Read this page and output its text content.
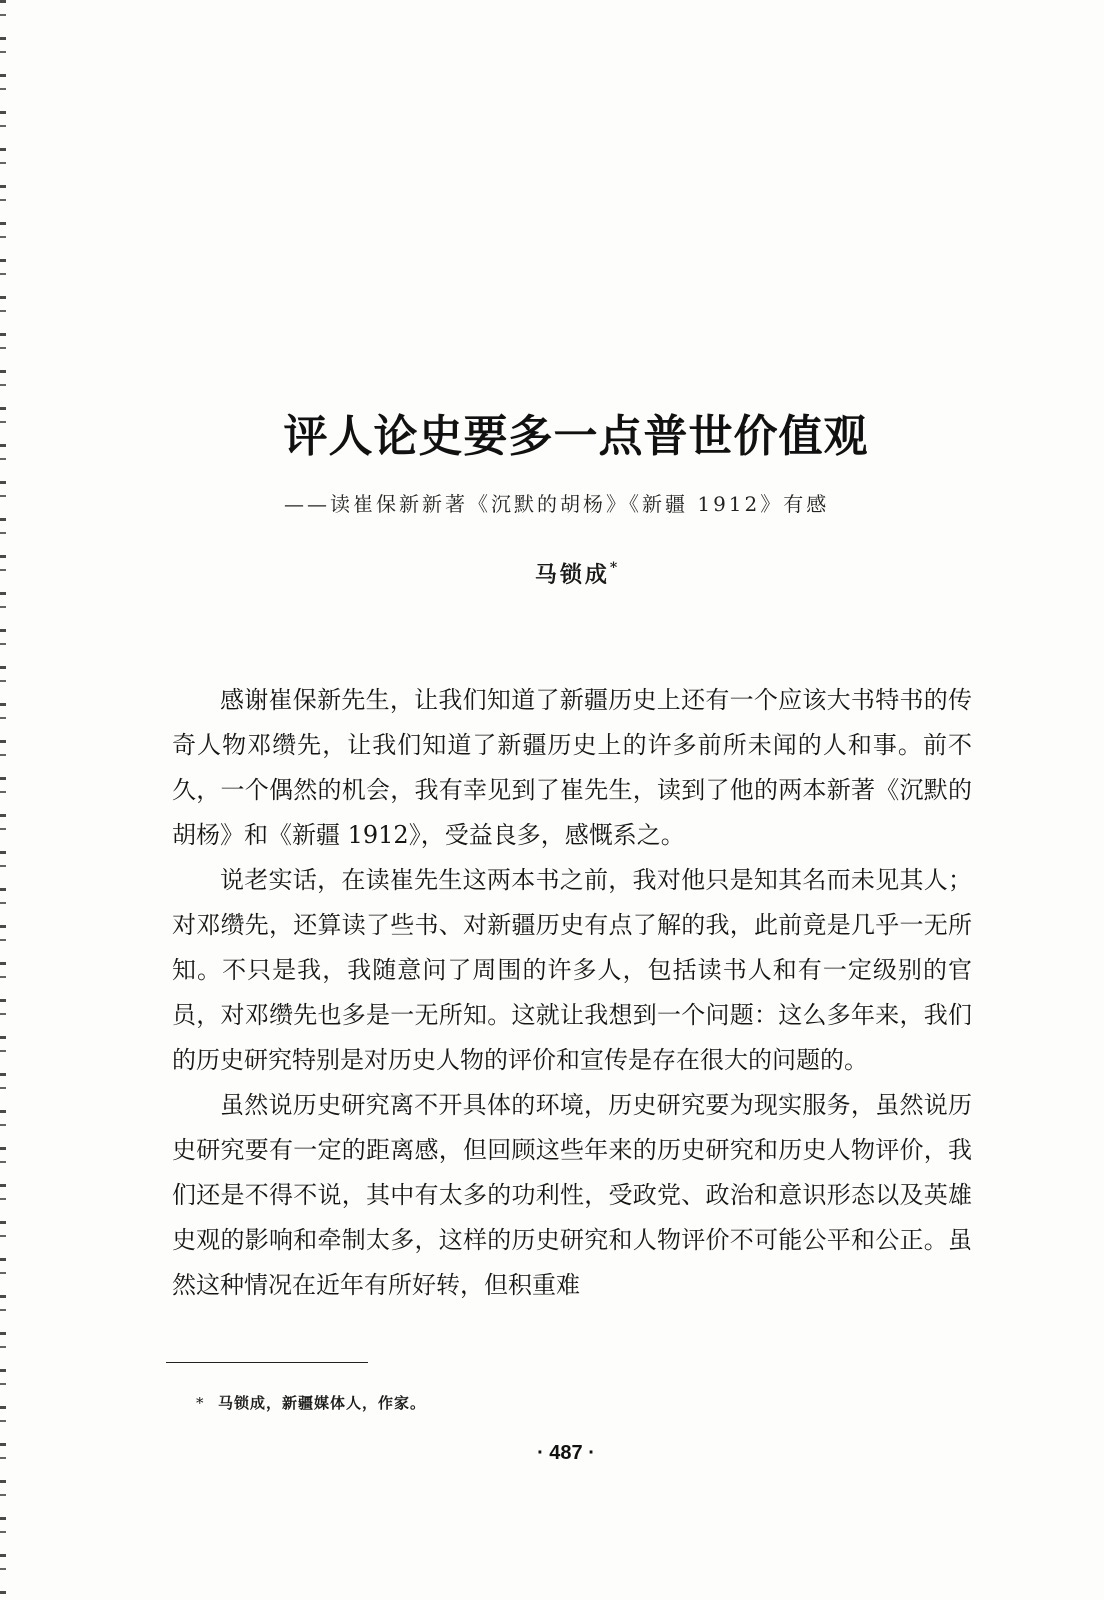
评人论史要多一点普世价值观
——读崔保新新著《沉默的胡杨》《新疆 1912》有感
马锁成*

感谢崔保新先生，让我们知道了新疆历史上还有一个应该大书特书的传奇人物邓缵先，让我们知道了新疆历史上的许多前所未闻的人和事。前不久，一个偶然的机会，我有幸见到了崔先生，读到了他的两本新著《沉默的胡杨》和《新疆 1912》，受益良多，感慨系之。

说老实话，在读崔先生这两本书之前，我对他只是知其名而未见其人；对邓缵先，还算读了些书、对新疆历史有点了解的我，此前竟是几乎一无所知。不只是我，我随意问了周围的许多人，包括读书人和有一定级别的官员，对邓缵先也多是一无所知。这就让我想到一个问题：这么多年来，我们的历史研究特别是对历史人物的评价和宣传是存在很大的问题的。

虽然说历史研究离不开具体的环境，历史研究要为现实服务，虽然说历史研究要有一定的距离感，但回顾这些年来的历史研究和历史人物评价，我们还是不得不说，其中有太多的功利性，受政党、政治和意识形态以及英雄史观的影响和牵制太多，这样的历史研究和人物评价不可能公平和公正。虽然这种情况在近年有所好转，但积重难

* 马锁成，新疆媒体人，作家。
· 487 ·
